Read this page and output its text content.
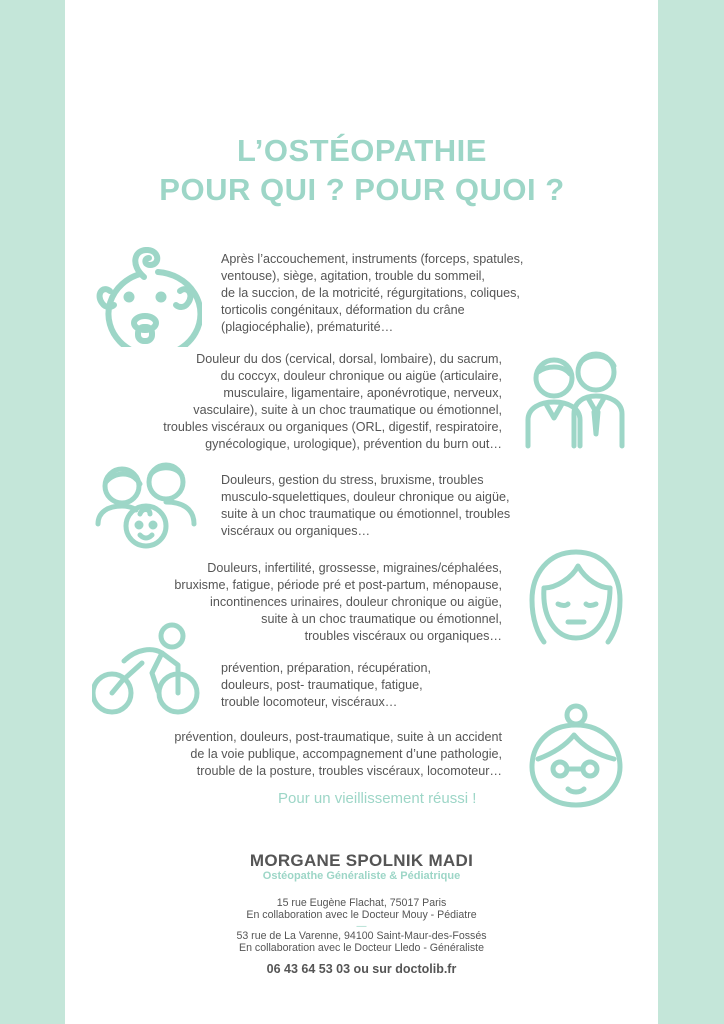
L’OSTÉOPATHIE
POUR QUI ? POUR QUOI ?
Après l’accouchement, instruments (forceps, spatules,
ventouse), siège, agitation, trouble du sommeil,
de la succion, de la motricité, régurgitations, coliques,
torticolis congénitaux, déformation du crâne
(plagiocéphalie), prématurité…
Douleur du dos (cervical, dorsal, lombaire), du sacrum,
du coccyx, douleur chronique ou aigüe (articulaire,
musculaire, ligamentaire, aponévrotique, nerveux,
vasculaire), suite à un choc traumatique ou émotionnel,
troubles viscéraux ou organiques (ORL, digestif, respiratoire,
gynécologique, urologique), prévention du burn out…
Douleurs, gestion du stress, bruxisme, troubles
musculo-squelettiques, douleur chronique ou aigüe,
suite à un choc traumatique ou émotionnel, troubles
viscéraux ou organiques…
Douleurs, infertilité, grossesse, migraines/céphalées,
bruxisme, fatigue, période pré et post-partum, ménopause,
incontinences urinaires, douleur chronique ou aigüe,
suite à un choc traumatique ou émotionnel,
troubles viscéraux ou organiques…
prévention, préparation, récupération,
douleurs, post- traumatique, fatigue,
trouble locomoteur, viscéraux…
prévention, douleurs, post-traumatique, suite à un accident
de la voie publique, accompagnement d’une pathologie,
trouble de la posture, troubles viscéraux, locomoteur…
Pour un vieillissement réussi !
MORGANE SPOLNIK MADI
Ostéopathe Généraliste & Pédiatrique
15 rue Eugène Flachat, 75017 Paris
En collaboration avec le Docteur Mouy - Pédiatre
—
53 rue de La Varenne, 94100 Saint-Maur-des-Fossés
En collaboration avec le Docteur Lledo - Généraliste
06 43 64 53 03 ou sur doctolib.fr
